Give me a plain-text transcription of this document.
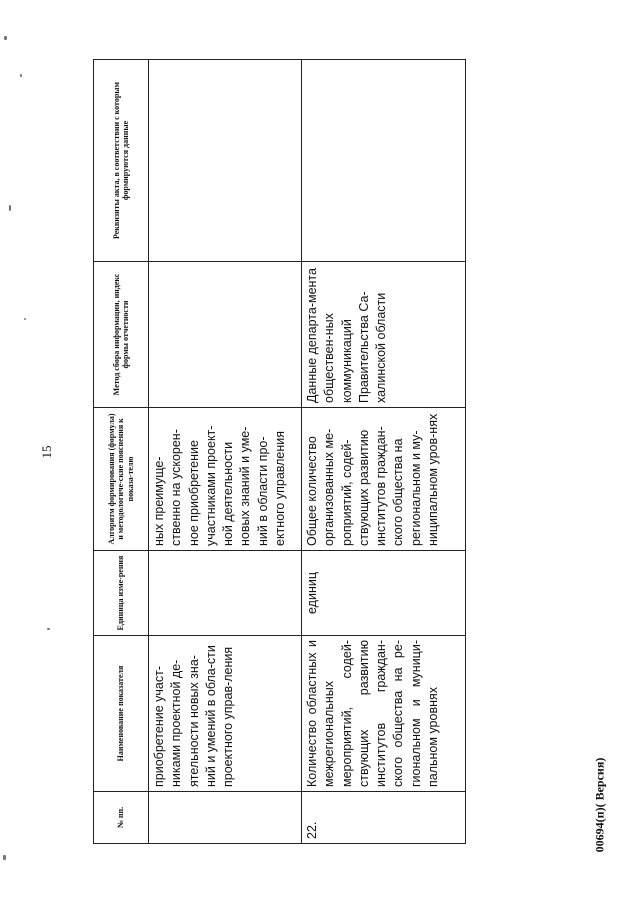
15
№ пп.	Наименование показателя	Единица изме-рения	Алгоритм формирования (формула) и методологиче-ские пояснения к показа-телю	Метод сбора информации, индекс формы отчетности	Реквизиты акта, в соответствии с которым формируются данные
	приобретение участ-никами проектной де-ятельности новых зна-ний и умений в обла-сти проектного управ-ления		ных преимуще-ственно на ускорен-ное приобретение участниками проект-ной деятельности новых знаний и уме-ний в области про-ектного управления		
22.	Количество областных и межрегиональных мероприятий, содей-ствующих развитию институтов граждан-ского общества на ре-гиональном и муници-пальном уровнях	единиц	Общее количество организованных ме-роприятий, содей-ствующих развитию институтов граждан-ского общества на региональном и му-ниципальном уров-нях	Данные департа-мента обществен-ных коммуникаций Правительства Са-халинской области	
00694(п)( Версия)
